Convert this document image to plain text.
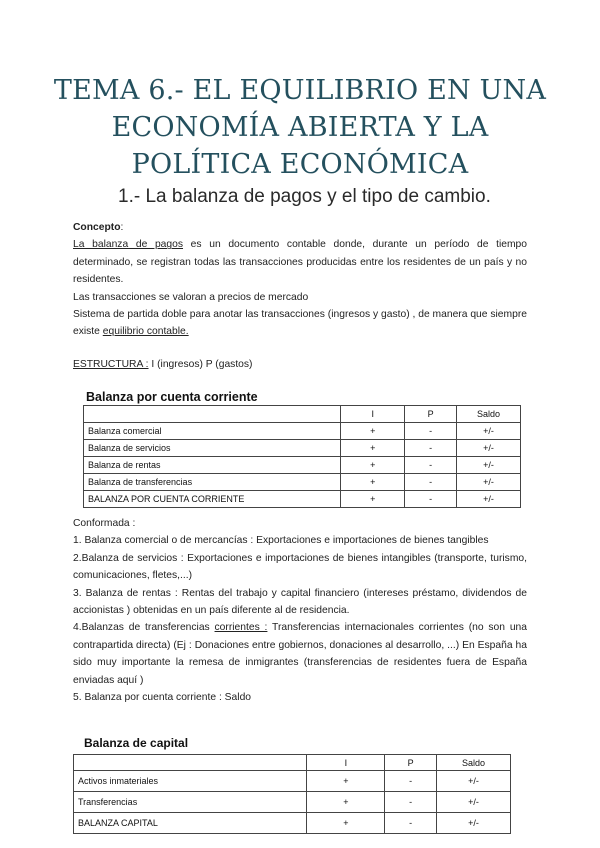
TEMA 6.- EL EQUILIBRIO EN UNA
ECONOMÍA ABIERTA Y LA
POLÍTICA ECONÓMICA
1.- La balanza de pagos y el tipo de cambio.
Concepto:
La balanza de pagos es un documento contable donde, durante un período de tiempo determinado, se registran todas las transacciones producidas entre los residentes de un país y no residentes.
Las transacciones se valoran a precios de mercado
Sistema de partida doble para anotar las transacciones (ingresos y gasto) , de manera que siempre existe equilibrio contable.
ESTRUCTURA : I (ingresos) P (gastos)
Balanza por cuenta corriente
	I	P	Saldo
Balanza comercial	+	-	+/-
Balanza de servicios	+	-	+/-
Balanza de rentas	+	-	+/-
Balanza de transferencias	+	-	+/-
BALANZA POR CUENTA CORRIENTE	+	-	+/-
Conformada :
1. Balanza comercial o de mercancías : Exportaciones e importaciones de bienes tangibles
2.Balanza de servicios : Exportaciones e importaciones de bienes intangibles (transporte, turismo, comunicaciones, fletes,...)
3. Balanza de rentas : Rentas del trabajo y capital financiero (intereses préstamo, dividendos de accionistas ) obtenidas en un país diferente al de residencia.
4.Balanzas de transferencias corrientes : Transferencias internacionales corrientes (no son una contrapartida directa) (Ej : Donaciones entre gobiernos, donaciones al desarrollo, ...) En España ha sido muy importante la remesa de inmigrantes (transferencias de residentes fuera de España enviadas aquí )
5. Balanza por cuenta corriente : Saldo
Balanza de capital
	I	P	Saldo
Activos inmateriales	+	-	+/-
Transferencias	+	-	+/-
BALANZA CAPITAL	+	-	+/-
